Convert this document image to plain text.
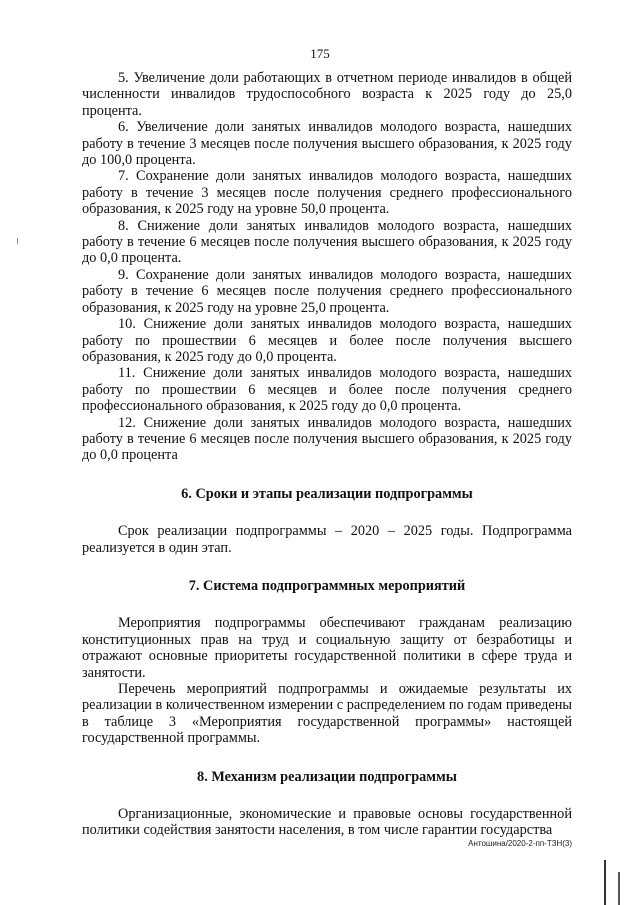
175

5. Увеличение доли работающих в отчетном периоде инвалидов в общей численности инвалидов трудоспособного возраста к 2025 году до 25,0 процента.

6. Увеличение доли занятых инвалидов молодого возраста, нашедших работу в течение 3 месяцев после получения высшего образования, к 2025 году до 100,0 процента.

7. Сохранение доли занятых инвалидов молодого возраста, нашедших работу в течение 3 месяцев после получения среднего профессионального образования, к 2025 году на уровне 50,0 процента.

8. Снижение доли занятых инвалидов молодого возраста, нашедших работу в течение 6 месяцев после получения высшего образования, к 2025 году до 0,0 процента.

9. Сохранение доли занятых инвалидов молодого возраста, нашедших работу в течение 6 месяцев после получения среднего профессионального образования, к 2025 году на уровне 25,0 процента.

10. Снижение доли занятых инвалидов молодого возраста, нашедших работу по прошествии 6 месяцев и более после получения высшего образования, к 2025 году до 0,0 процента.

11. Снижение доли занятых инвалидов молодого возраста, нашедших работу по прошествии 6 месяцев и более после получения среднего профессионального образования, к 2025 году до 0,0 процента.

12. Снижение доли занятых инвалидов молодого возраста, нашедших работу в течение 6 месяцев после получения высшего образования, к 2025 году до 0,0 процента

6. Сроки и этапы реализации подпрограммы

Срок реализации подпрограммы – 2020 – 2025 годы. Подпрограмма реализуется в один этап.

7. Система подпрограммных мероприятий

Мероприятия подпрограммы обеспечивают гражданам реализацию конституционных прав на труд и социальную защиту от безработицы и отражают основные приоритеты государственной политики в сфере труда и занятости.

Перечень мероприятий подпрограммы и ожидаемые результаты их реализации в количественном измерении с распределением по годам приведены в таблице 3 «Мероприятия государственной программы» настоящей государственной программы.

8. Механизм реализации подпрограммы

Организационные, экономические и правовые основы государственной политики содействия занятости населения, в том числе гарантии государства

Антошина/2020-2-пп-ТЗН(3)
